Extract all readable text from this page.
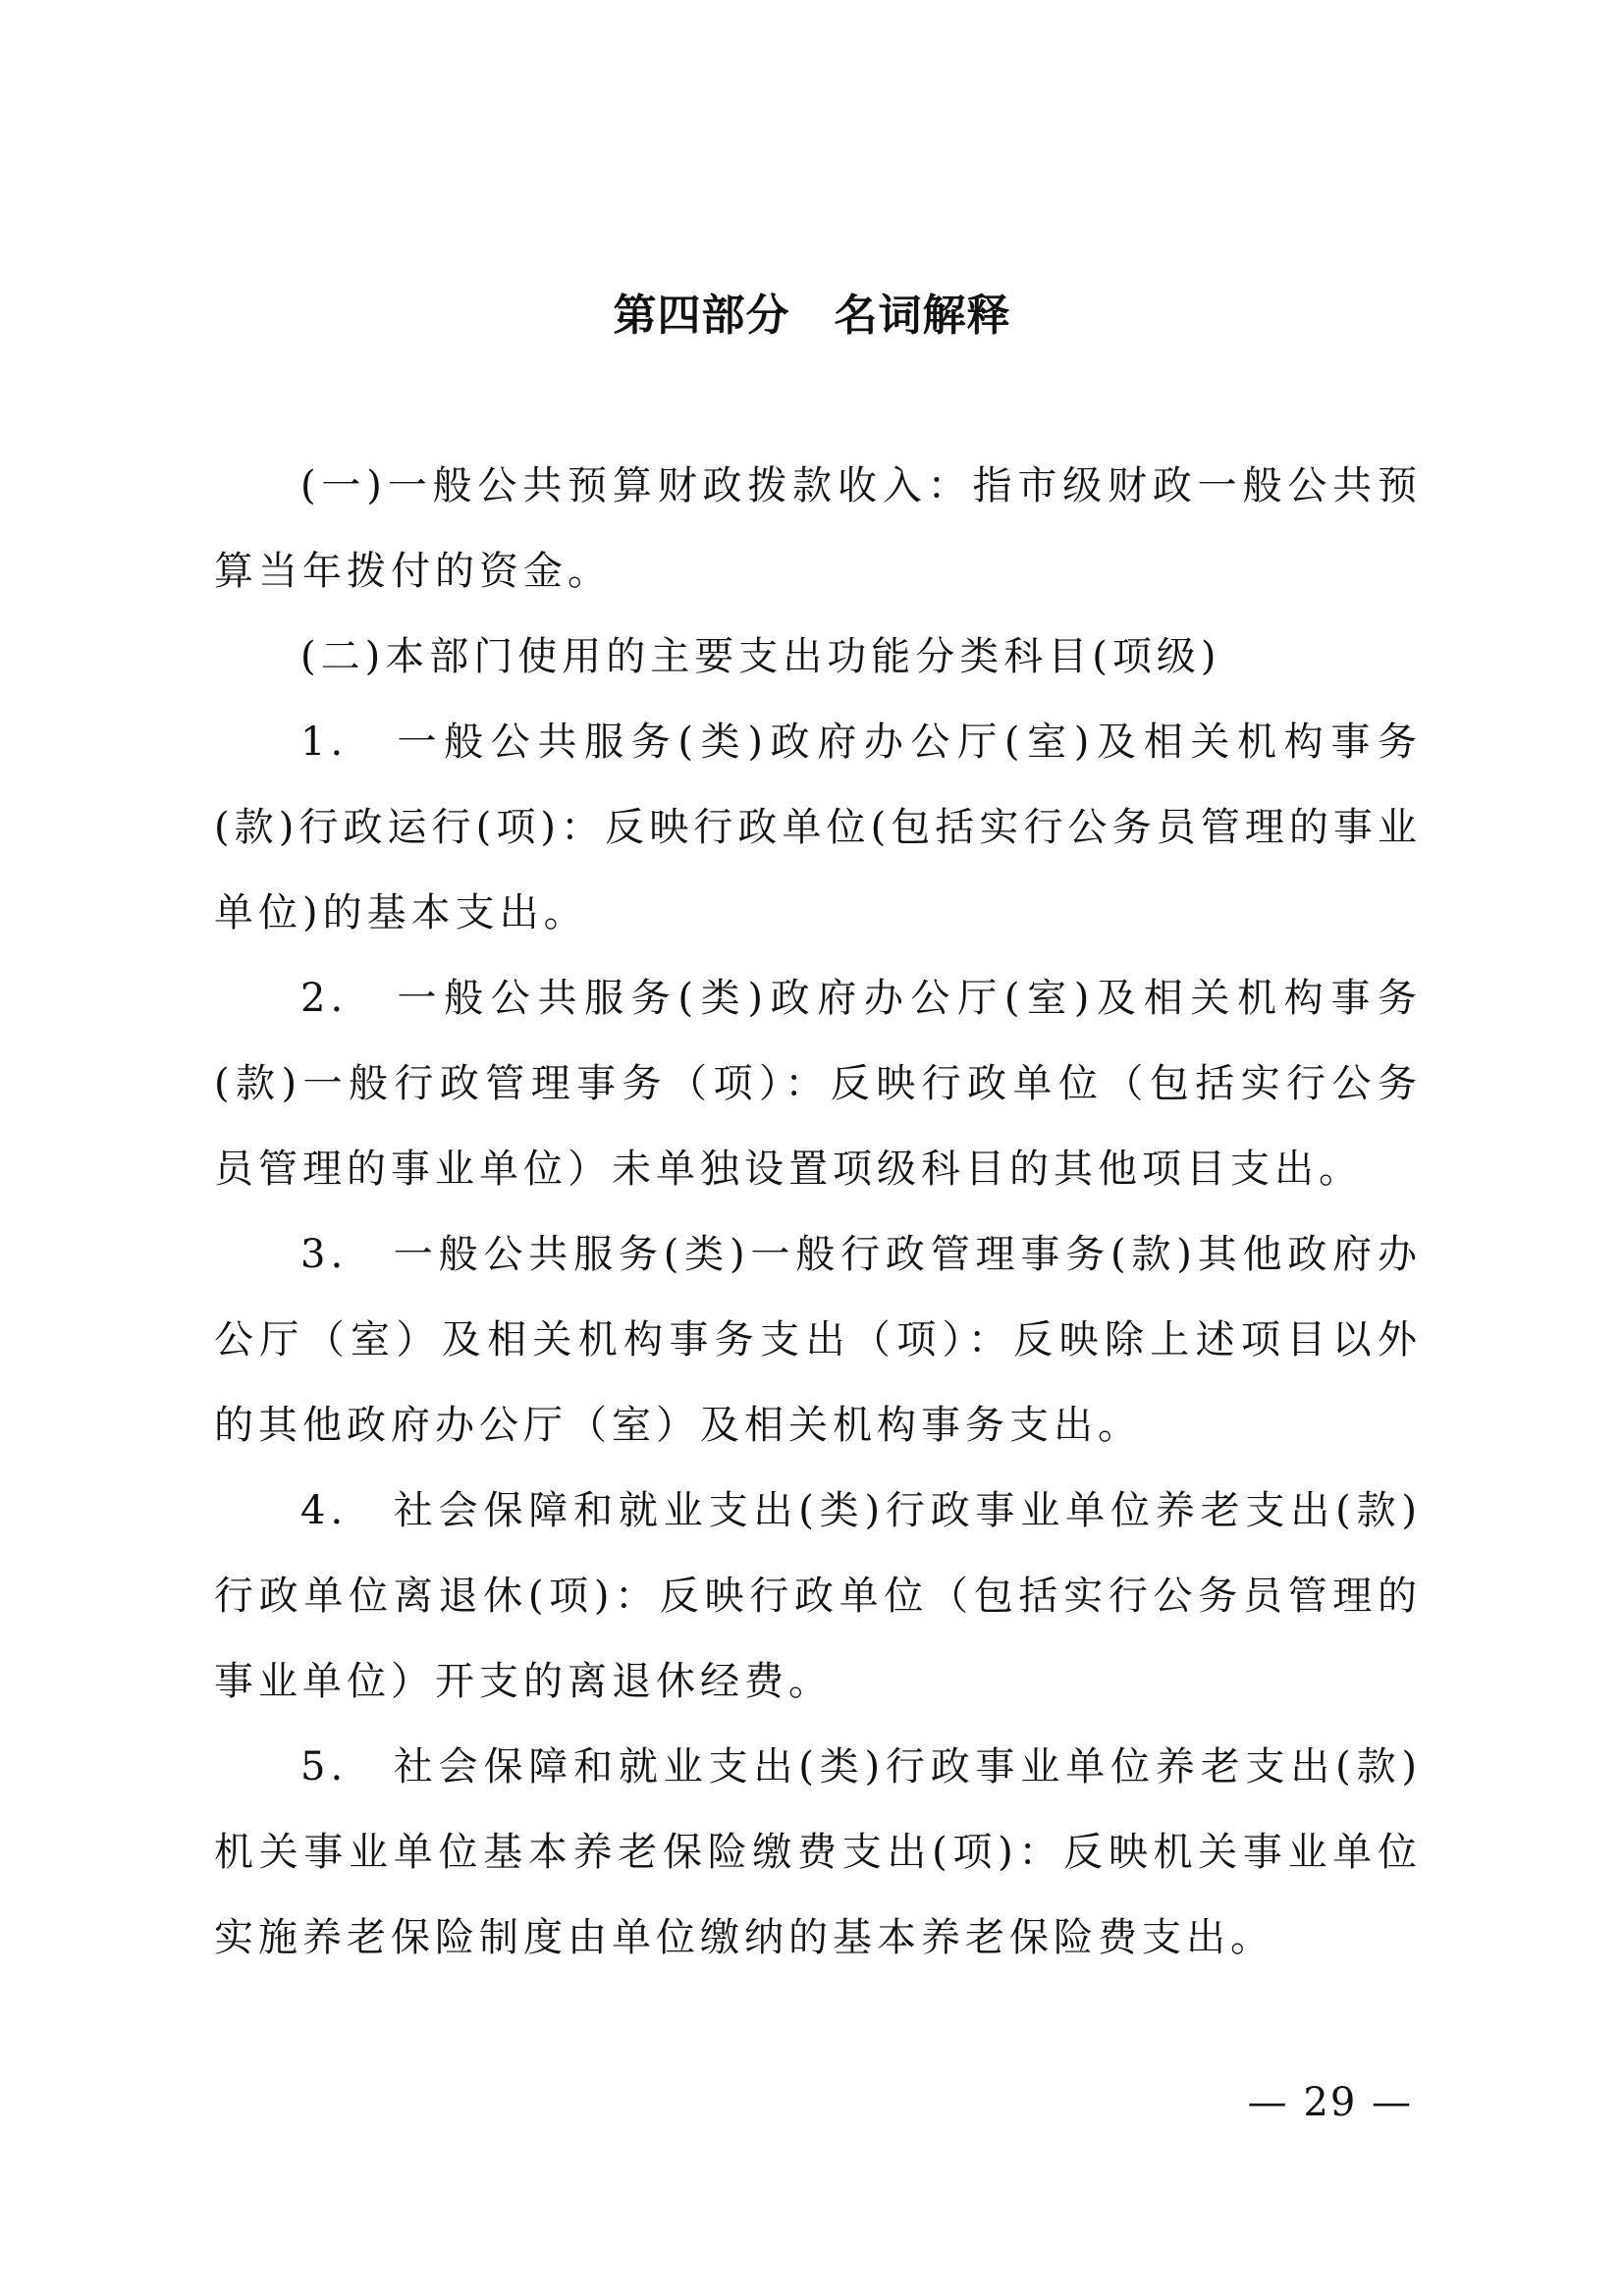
第四部分　名词解释

(一)一般公共预算财政拨款收入：指市级财政一般公共预算当年拨付的资金。

(二)本部门使用的主要支出功能分类科目(项级)

1.　一般公共服务(类)政府办公厅(室)及相关机构事务(款)行政运行(项)：反映行政单位(包括实行公务员管理的事业单位)的基本支出。

2.　一般公共服务(类)政府办公厅(室)及相关机构事务(款)一般行政管理事务（项）：反映行政单位（包括实行公务员管理的事业单位）未单独设置项级科目的其他项目支出。

3.　一般公共服务(类)一般行政管理事务(款)其他政府办公厅（室）及相关机构事务支出（项）：反映除上述项目以外的其他政府办公厅（室）及相关机构事务支出。

4.　社会保障和就业支出(类)行政事业单位养老支出(款)行政单位离退休(项)：反映行政单位（包括实行公务员管理的事业单位）开支的离退休经费。

5.　社会保障和就业支出(类)行政事业单位养老支出(款)机关事业单位基本养老保险缴费支出(项)：反映机关事业单位实施养老保险制度由单位缴纳的基本养老保险费支出。

— 29 —
